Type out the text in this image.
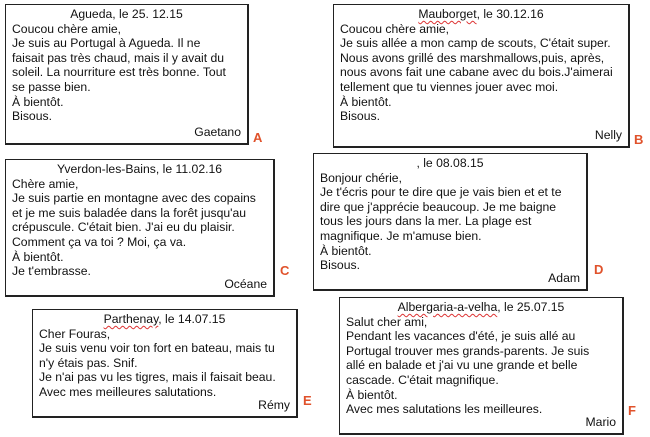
Agueda, le 25. 12.15
Coucou chère amie,
Je suis au Portugal à Agueda. Il ne
faisait pas très chaud, mais il y avait du
soleil. La nourriture est très bonne. Tout
se passe bien.
À bientôt.
Bisous.
Gaetano A
Mauborget, le 30.12.16
Coucou chère amie,
Je suis allée a mon camp de scouts, C'était super.
Nous avons grillé des marshmallows,puis, après,
nous avons fait une cabane avec du bois.J'aimerai
tellement que tu viennes jouer avec moi.
À bientôt.
Bisous.
Nelly B
Yverdon-les-Bains, le 11.02.16
Chère amie,
Je suis partie en montagne avec des copains
et je me suis baladée dans la forêt jusqu'au
crépuscule. C'était bien. J'ai eu du plaisir.
Comment ça va toi ? Moi, ça va.
À bientôt.
Je t'embrasse.
Océane
C
, le 08.08.15
Bonjour chérie,
Je t'écris pour te dire que je vais bien et et te
dire que j'apprécie beaucoup. Je me baigne
tous les jours dans la mer. La plage est
magnifique. Je m'amuse bien.
À bientôt.
Bisous.
Adam
D
Parthenay, le 14.07.15
Cher Fouras,
Je suis venu voir ton fort en bateau, mais tu
n'y étais pas. Snif.
Je n'ai pas vu les tigres, mais il faisait beau.
Avec mes meilleures salutations.
Rémy E
Albergaria-a-velha, le 25.07.15
Salut cher ami,
Pendant les vacances d'été, je suis allé au
Portugal trouver mes grands-parents. Je suis
allé en balade et j'ai vu une grande et belle
cascade. C'était magnifique.
À bientôt.
Avec mes salutations les meilleures.
Mario
F
